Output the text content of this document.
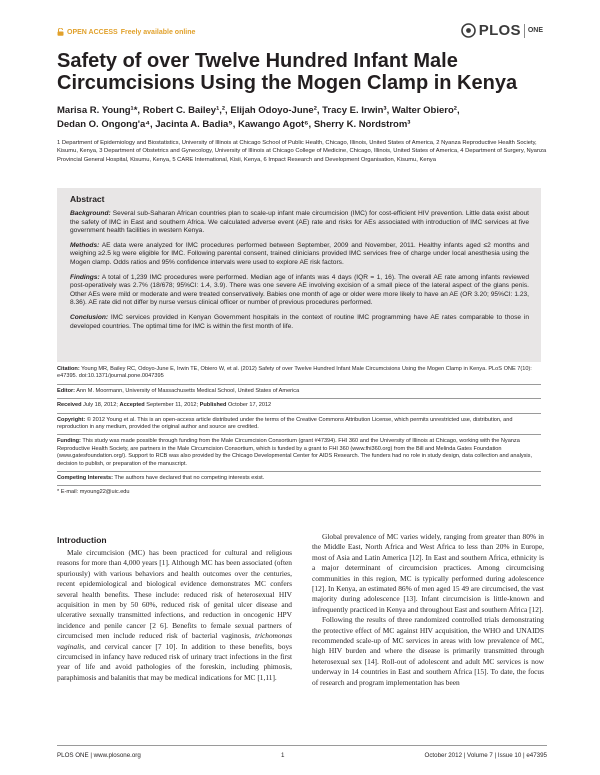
OPEN ACCESS Freely available online	PLOS ONE
Safety of over Twelve Hundred Infant Male Circumcisions Using the Mogen Clamp in Kenya
Marisa R. Young¹*, Robert C. Bailey¹,², Elijah Odoyo-June², Tracy E. Irwin³, Walter Obiero²,
Dedan O. Ongong'a⁴, Jacinta A. Badia⁵, Kawango Agot⁶, Sherry K. Nordstrom³
1 Department of Epidemiology and Biostatistics, University of Illinois at Chicago School of Public Health, Chicago, Illinois, United States of America, 2 Nyanza Reproductive Health Society, Kisumu, Kenya, 3 Department of Obstetrics and Gynecology, University of Illinois at Chicago College of Medicine, Chicago, Illinois, United States of America, 4 Department of Surgery, Nyanza Provincial General Hospital, Kisumu, Kenya, 5 CARE International, Kisii, Kenya, 6 Impact Research and Development Organisation, Kisumu, Kenya
Abstract

Background: Several sub-Saharan African countries plan to scale-up infant male circumcision (IMC) for cost-efficient HIV prevention. Little data exist about the safety of IMC in East and southern Africa. We calculated adverse event (AE) rate and risks for AEs associated with introduction of IMC services at five government health facilities in western Kenya.

Methods: AE data were analyzed for IMC procedures performed between September, 2009 and November, 2011. Healthy infants aged ≤2 months and weighing ≥2.5 kg were eligible for IMC. Following parental consent, trained clinicians provided IMC services free of charge under local anesthesia using the Mogen clamp. Odds ratios and 95% confidence intervals were used to explore AE risk factors.

Findings: A total of 1,239 IMC procedures were performed. Median age of infants was 4 days (IQR = 1, 16). The overall AE rate among infants reviewed post-operatively was 2.7% (18/678; 95%CI: 1.4, 3.9). There was one severe AE involving excision of a small piece of the lateral aspect of the glans penis. Other AEs were mild or moderate and were treated conservatively. Babies one month of age or older were more likely to have an AE (OR 3.20; 95%CI: 1.23, 8.36). AE rate did not differ by nurse versus clinical officer or number of previous procedures performed.

Conclusion: IMC services provided in Kenyan Government hospitals in the context of routine IMC programming have AE rates comparable to those in developed countries. The optimal time for IMC is within the first month of life.

Citation: Young MR, Bailey RC, Odoyo-June E, Irwin TE, Obiero W, et al. (2012) Safety of over Twelve Hundred Infant Male Circumcisions Using the Mogen Clamp in Kenya. PLoS ONE 7(10): e47395. doi:10.1371/journal.pone.0047395

Editor: Ann M. Moormann, University of Massachusetts Medical School, United States of America

Received July 18, 2012; Accepted September 11, 2012; Published October 17, 2012

Copyright: © 2012 Young et al. This is an open-access article distributed under the terms of the Creative Commons Attribution License, which permits unrestricted use, distribution, and reproduction in any medium, provided the original author and source are credited.

Funding: This study was made possible through funding from the Male Circumcision Consortium (grant #47394). FHI 360 and the University of Illinois at Chicago, working with the Nyanza Reproductive Health Society, are partners in the Male Circumcision Consortium, which is funded by a grant to FHI 360 (www.fhi360.org) from the Bill and Melinda Gates Foundation (www.gatesfoundation.org/). Support to RCB was also provided by the Chicago Developmental Center for AIDS Research. The funders had no role in study design, data collection and analysis, decision to publish, or preparation of the manuscript.

Competing Interests: The authors have declared that no competing interests exist.

* E-mail: myoung22@uic.edu

Introduction
Male circumcision (MC) has been practiced for cultural and religious reasons for more than 4,000 years [1]. Although MC has been associated (often spuriously) with various behaviors and health outcomes over the centuries, recent epidemiological and biological evidence demonstrates MC confers several health benefits. These include: reduced risk of heterosexual HIV acquisition in men by 50 60%, reduced risk of genital ulcer disease and ulcerative sexually transmitted infections, and reduction in oncogenic HPV incidence and penile cancer [2 6]. Benefits to female sexual partners of circumcised men include reduced risk of bacterial vaginosis, trichomonas vaginalis, and cervical cancer [7 10]. In addition to these benefits, boys circumcised in infancy have reduced risk of urinary tract infections in the first year of life and avoid pathologies of the foreskin, including phimosis, paraphimosis and balanitis that may be medical indications for MC [1,11].

Global prevalence of MC varies widely, ranging from greater than 80% in the Middle East, North Africa and West Africa to less than 20% in Europe, most of Asia and Latin America [12]. In East and southern Africa, ethnicity is a major determinant of circumcision practices. Among circumcising communities in this region, MC is typically performed during adolescence [12]. In Kenya, an estimated 86% of men aged 15 49 are circumcised, the vast majority during adolescence [13]. Infant circumcision is little-known and infrequently practiced in Kenya and throughout East and southern Africa [12].

Following the results of three randomized controlled trials demonstrating the protective effect of MC against HIV acquisition, the WHO and UNAIDS recommended scale-up of MC services in areas with low prevalence of MC, high HIV burden and where the disease is primarily transmitted through heterosexual sex [14]. Roll-out of adolescent and adult MC services is now underway in 14 countries in East and southern Africa [15]. To date, the focus of research and program implementation has been

PLOS ONE | www.plosone.org	1	October 2012 | Volume 7 | Issue 10 | e47395
